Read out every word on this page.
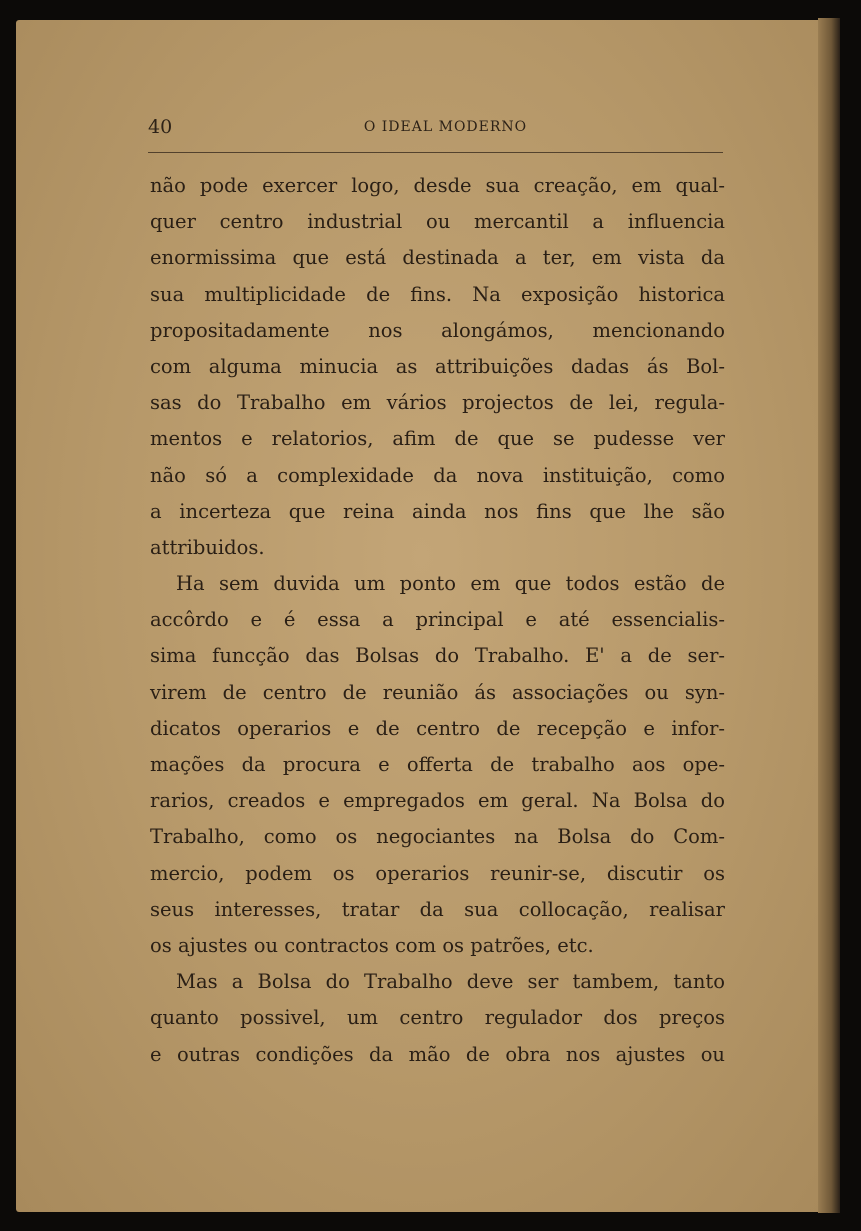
40	O IDEAL MODERNO
não pode exercer logo, desde sua creação, em qual-
quer centro industrial ou mercantil a influencia
enormissima que está destinada a ter, em vista da
sua multiplicidade de fins. Na exposição historica
propositadamente nos alongámos, mencionando
com alguma minucia as attribuições dadas ás Bol-
sas do Trabalho em vários projectos de lei, regula-
mentos e relatorios, afim de que se pudesse ver
não só a complexidade da nova instituição, como
a incerteza que reina ainda nos fins que lhe são
attribuidos.
Ha sem duvida um ponto em que todos estão de
accôrdo e é essa a principal e até essencialis-
sima funcção das Bolsas do Trabalho. E' a de ser-
virem de centro de reunião ás associações ou syn-
dicatos operarios e de centro de recepção e infor-
mações da procura e offerta de trabalho aos ope-
rarios, creados e empregados em geral. Na Bolsa do
Trabalho, como os negociantes na Bolsa do Com-
mercio, podem os operarios reunir-se, discutir os
seus interesses, tratar da sua collocação, realisar
os ajustes ou contractos com os patrões, etc.
Mas a Bolsa do Trabalho deve ser tambem, tanto
quanto possivel, um centro regulador dos preços
e outras condições da mão de obra nos ajustes ou
